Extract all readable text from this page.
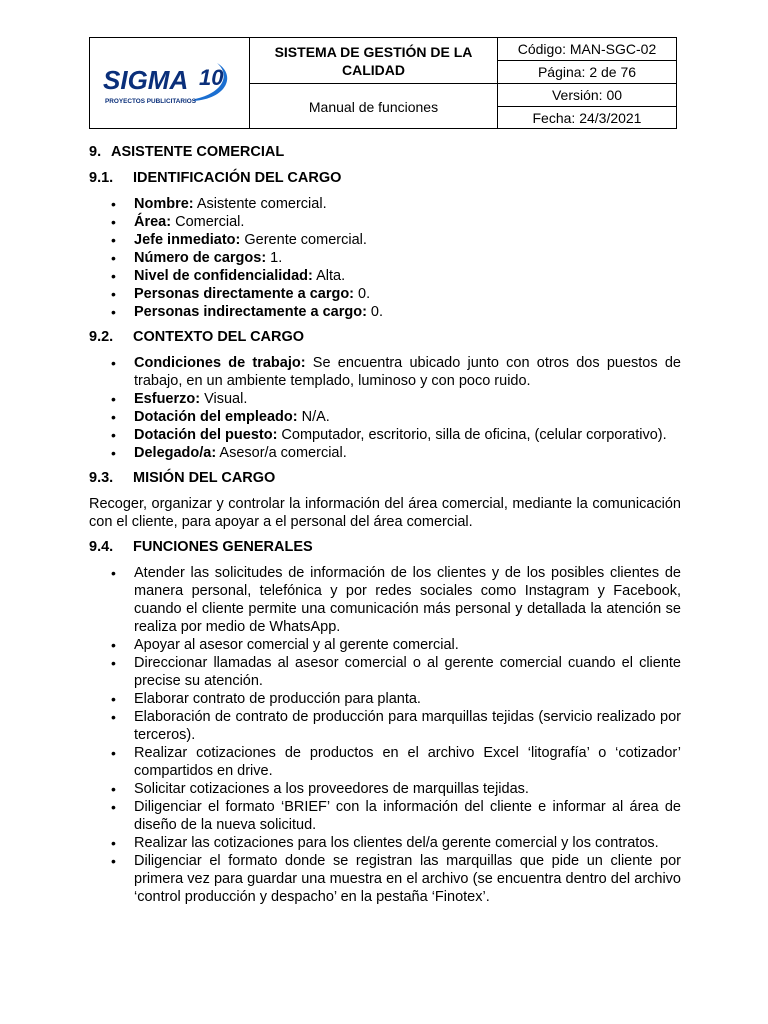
SIGMA 10
PROYECTOS PUBLICITARIOS
SISTEMA DE GESTIÓN DE LA CALIDAD
Manual de funciones
Código: MAN-SGC-02
Página: 2 de 76
Versión: 00
Fecha: 24/3/2021

9. ASISTENTE COMERCIAL

9.1. IDENTIFICACIÓN DEL CARGO

• Nombre: Asistente comercial.
• Área: Comercial.
• Jefe inmediato: Gerente comercial.
• Número de cargos: 1.
• Nivel de confidencialidad: Alta.
• Personas directamente a cargo: 0.
• Personas indirectamente a cargo: 0.

9.2. CONTEXTO DEL CARGO

• Condiciones de trabajo: Se encuentra ubicado junto con otros dos puestos de trabajo, en un ambiente templado, luminoso y con poco ruido.
• Esfuerzo: Visual.
• Dotación del empleado: N/A.
• Dotación del puesto: Computador, escritorio, silla de oficina, (celular corporativo).
• Delegado/a: Asesor/a comercial.

9.3. MISIÓN DEL CARGO

Recoger, organizar y controlar la información del área comercial, mediante la comunicación con el cliente, para apoyar a el personal del área comercial.

9.4. FUNCIONES GENERALES

• Atender las solicitudes de información de los clientes y de los posibles clientes de manera personal, telefónica y por redes sociales como Instagram y Facebook, cuando el cliente permite una comunicación más personal y detallada la atención se realiza por medio de WhatsApp.
• Apoyar al asesor comercial y al gerente comercial.
• Direccionar llamadas al asesor comercial o al gerente comercial cuando el cliente precise su atención.
• Elaborar contrato de producción para planta.
• Elaboración de contrato de producción para marquillas tejidas (servicio realizado por terceros).
• Realizar cotizaciones de productos en el archivo Excel ‘litografía’ o ‘cotizador’ compartidos en drive.
• Solicitar cotizaciones a los proveedores de marquillas tejidas.
• Diligenciar el formato ‘BRIEF’ con la información del cliente e informar al área de diseño de la nueva solicitud.
• Realizar las cotizaciones para los clientes del/a gerente comercial y los contratos.
• Diligenciar el formato donde se registran las marquillas que pide un cliente por primera vez para guardar una muestra en el archivo (se encuentra dentro del archivo ‘control producción y despacho’ en la pestaña ‘Finotex’.
